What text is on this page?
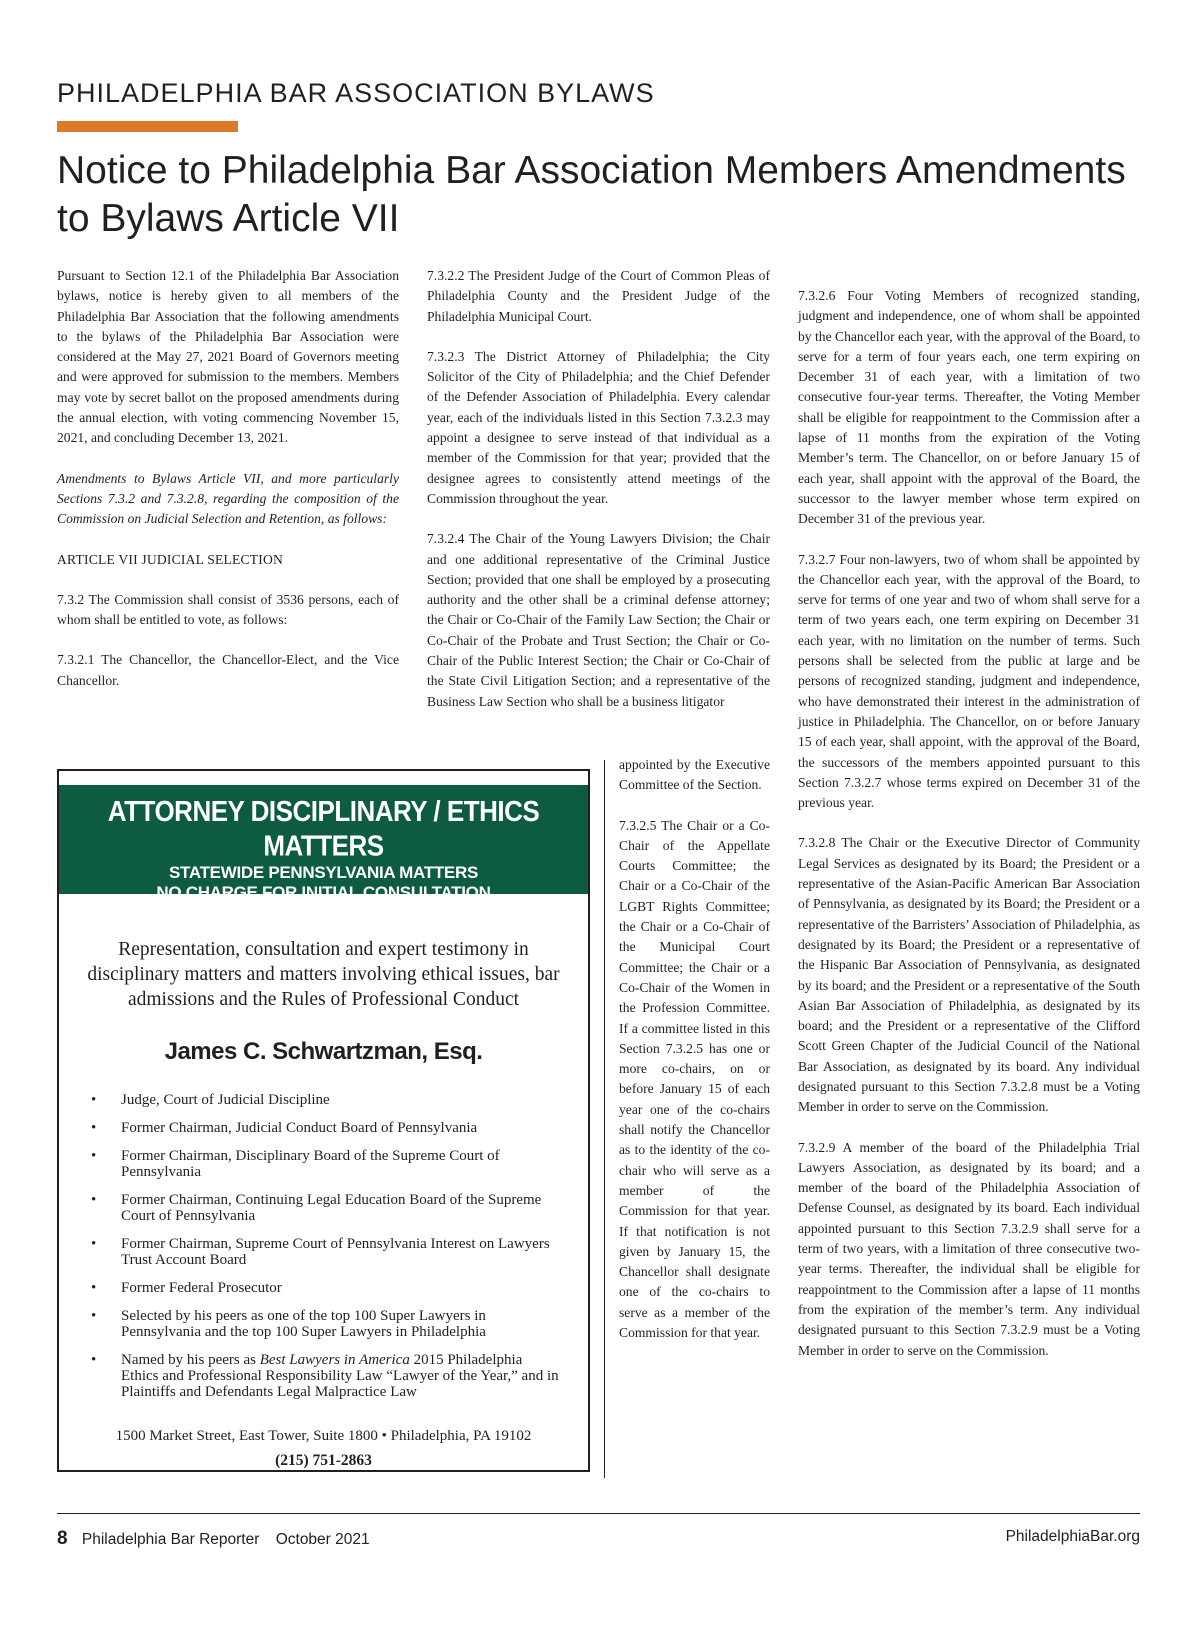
PHILADELPHIA BAR ASSOCIATION BYLAWS
Notice to Philadelphia Bar Association Members Amendments to Bylaws Article VII

Pursuant to Section 12.1 of the Philadelphia Bar Association bylaws, notice is hereby given to all members of the Philadelphia Bar Association that the following amendments to the bylaws of the Philadelphia Bar Association were considered at the May 27, 2021 Board of Governors meeting and were approved for submission to the members. Members may vote by secret ballot on the proposed amendments during the annual election, with voting commencing November 15, 2021, and concluding December 13, 2021.

Amendments to Bylaws Article VII, and more particularly Sections 7.3.2 and 7.3.2.8, regarding the composition of the Commission on Judicial Selection and Retention, as follows:

ARTICLE VII JUDICIAL SELECTION

7.3.2 The Commission shall consist of 3536 persons, each of whom shall be entitled to vote, as follows:

7.3.2.1 The Chancellor, the Chancellor-Elect, and the Vice Chancellor.

7.3.2.2 The President Judge of the Court of Common Pleas of Philadelphia County and the President Judge of the Philadelphia Municipal Court.

7.3.2.3 The District Attorney of Philadelphia; the City Solicitor of the City of Philadelphia; and the Chief Defender of the Defender Association of Philadelphia. Every calendar year, each of the individuals listed in this Section 7.3.2.3 may appoint a designee to serve instead of that individual as a member of the Commission for that year; provided that the designee agrees to consistently attend meetings of the Commission throughout the year.

7.3.2.4 The Chair of the Young Lawyers Division; the Chair and one additional representative of the Criminal Justice Section; provided that one shall be employed by a prosecuting authority and the other shall be a criminal defense attorney; the Chair or Co-Chair of the Family Law Section; the Chair or Co-Chair of the Probate and Trust Section; the Chair or Co-Chair of the Public Interest Section; the Chair or Co-Chair of the State Civil Litigation Section; and a representative of the Business Law Section who shall be a business litigator

appointed by the Executive Committee of the Section.

7.3.2.5 The Chair or a Co-Chair of the Appellate Courts Committee; the Chair or a Co-Chair of the LGBT Rights Committee; the Chair or a Co-Chair of the Municipal Court Committee; the Chair or a Co-Chair of the Women in the Profession Committee. If a committee listed in this Section 7.3.2.5 has one or more co-chairs, on or before January 15 of each year one of the co-chairs shall notify the Chancellor as to the identity of the co-chair who will serve as a member of the Commission for that year. If that notification is not given by January 15, the Chancellor shall designate one of the co-chairs to serve as a member of the Commission for that year.

7.3.2.6 Four Voting Members of recognized standing, judgment and independence, one of whom shall be appointed by the Chancellor each year, with the approval of the Board, to serve for a term of four years each, one term expiring on December 31 of each year, with a limitation of two consecutive four-year terms. Thereafter, the Voting Member shall be eligible for reappointment to the Commission after a lapse of 11 months from the expiration of the Voting Member’s term. The Chancellor, on or before January 15 of each year, shall appoint with the approval of the Board, the successor to the lawyer member whose term expired on December 31 of the previous year.

7.3.2.7 Four non-lawyers, two of whom shall be appointed by the Chancellor each year, with the approval of the Board, to serve for terms of one year and two of whom shall serve for a term of two years each, one term expiring on December 31 each year, with no limitation on the number of terms. Such persons shall be selected from the public at large and be persons of recognized standing, judgment and independence, who have demonstrated their interest in the administration of justice in Philadelphia. The Chancellor, on or before January 15 of each year, shall appoint, with the approval of the Board, the successors of the members appointed pursuant to this Section 7.3.2.7 whose terms expired on December 31 of the previous year.

7.3.2.8 The Chair or the Executive Director of Community Legal Services as designated by its Board; the President or a representative of the Asian-Pacific American Bar Association of Pennsylvania, as designated by its Board; the President or a representative of the Barristers’ Association of Philadelphia, as designated by its Board; the President or a representative of the Hispanic Bar Association of Pennsylvania, as designated by its board; and the President or a representative of the South Asian Bar Association of Philadelphia, as designated by its board; and the President or a representative of the Clifford Scott Green Chapter of the Judicial Council of the National Bar Association, as designated by its board. Any individual designated pursuant to this Section 7.3.2.8 must be a Voting Member in order to serve on the Commission.

7.3.2.9 A member of the board of the Philadelphia Trial Lawyers Association, as designated by its board; and a member of the board of the Philadelphia Association of Defense Counsel, as designated by its board. Each individual appointed pursuant to this Section 7.3.2.9 shall serve for a term of two years, with a limitation of three consecutive two-year terms. Thereafter, the individual shall be eligible for reappointment to the Commission after a lapse of 11 months from the expiration of the member’s term. Any individual designated pursuant to this Section 7.3.2.9 must be a Voting Member in order to serve on the Commission.

ATTORNEY DISCIPLINARY / ETHICS MATTERS
STATEWIDE PENNSYLVANIA MATTERS
NO CHARGE FOR INITIAL CONSULTATION
Representation, consultation and expert testimony in disciplinary matters and matters involving ethical issues, bar admissions and the Rules of Professional Conduct
James C. Schwartzman, Esq.
• Judge, Court of Judicial Discipline
• Former Chairman, Judicial Conduct Board of Pennsylvania
• Former Chairman, Disciplinary Board of the Supreme Court of Pennsylvania
• Former Chairman, Continuing Legal Education Board of the Supreme Court of Pennsylvania
• Former Chairman, Supreme Court of Pennsylvania Interest on Lawyers Trust Account Board
• Former Federal Prosecutor
• Selected by his peers as one of the top 100 Super Lawyers in Pennsylvania and the top 100 Super Lawyers in Philadelphia
• Named by his peers as Best Lawyers in America 2015 Philadelphia Ethics and Professional Responsibility Law “Lawyer of the Year,” and in Plaintiffs and Defendants Legal Malpractice Law
1500 Market Street, East Tower, Suite 1800 • Philadelphia, PA 19102
(215) 751-2863
8 Philadelphia Bar Reporter October 2021	PhiladelphiaBar.org
